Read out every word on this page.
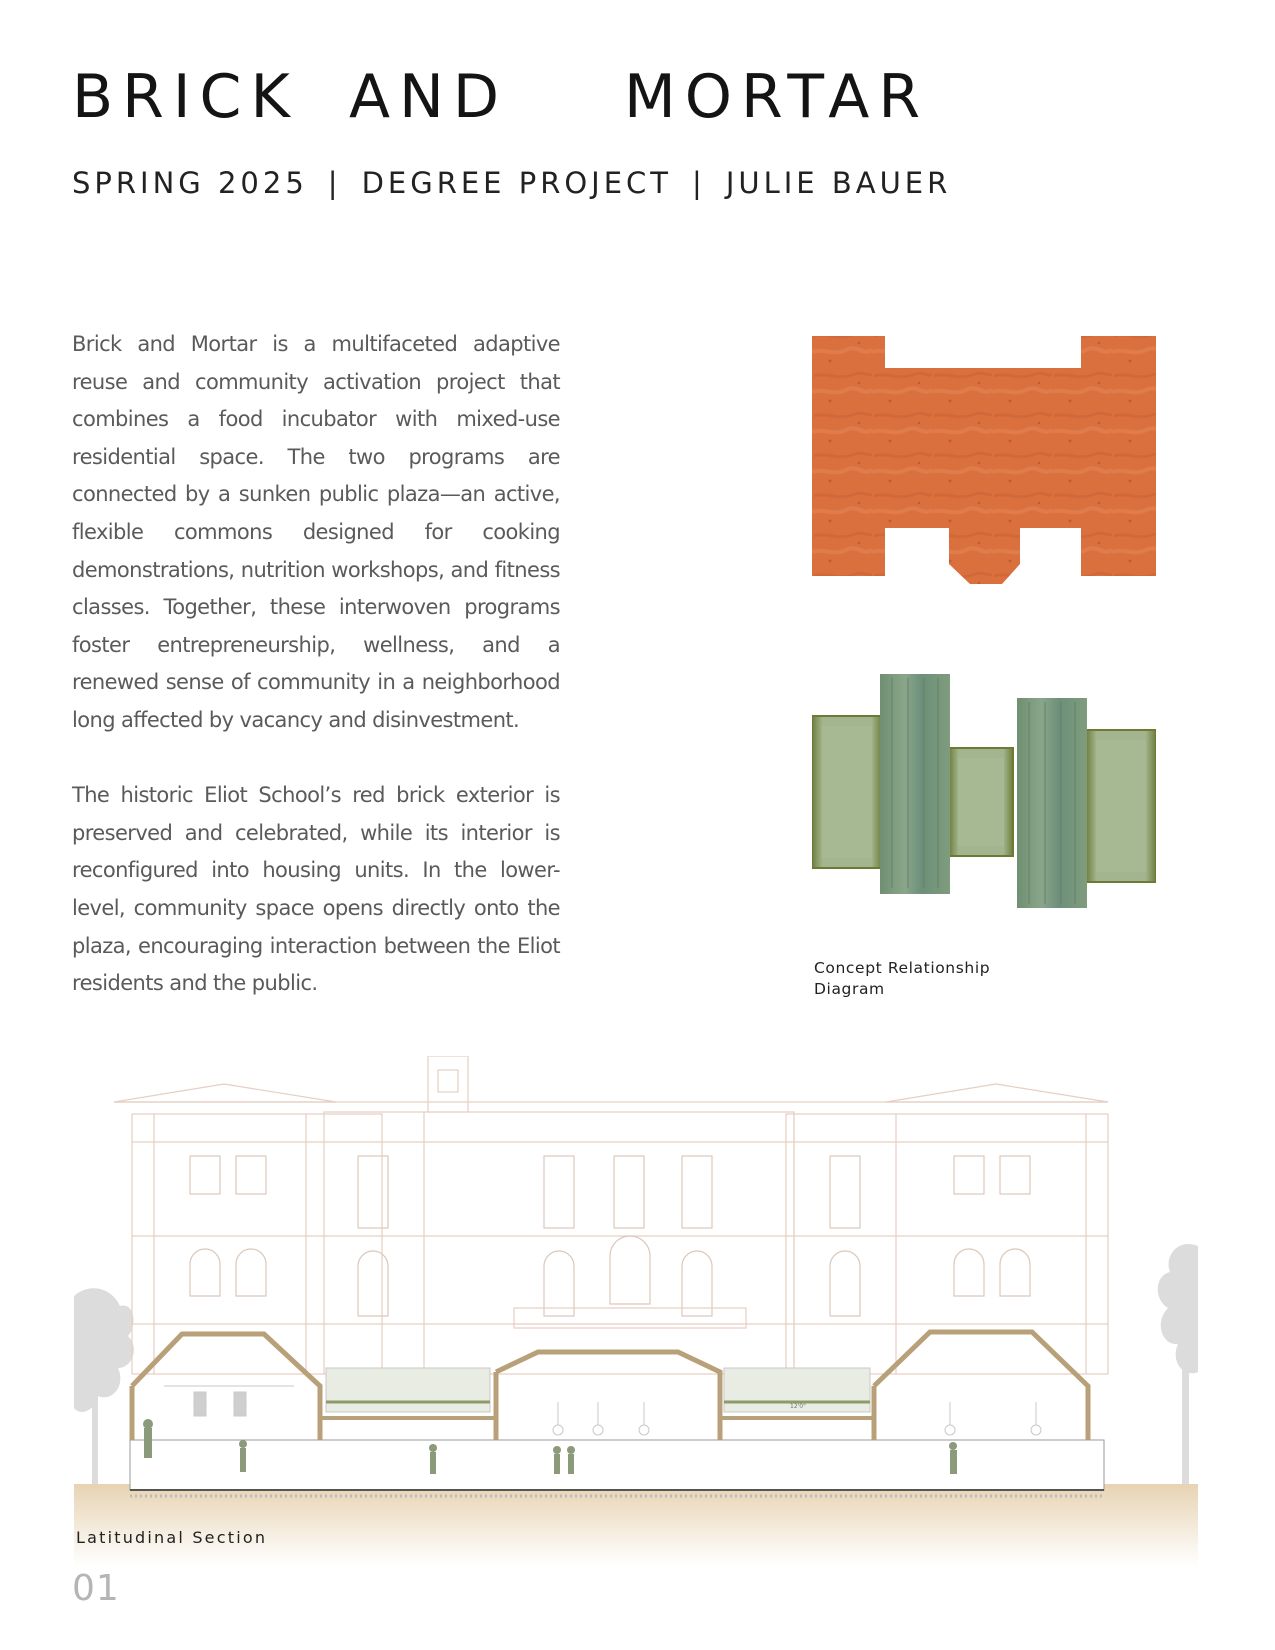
BRICK AND MORTAR
SPRING 2025 | DEGREE PROJECT | JULIE BAUER

Brick and Mortar is a multifaceted adaptive reuse and community activation project that combines a food incubator with mixed-use residential space. The two programs are connected by a sunken public plaza—an active, flexible commons designed for cooking demonstrations, nutrition workshops, and fitness classes. Together, these interwoven programs foster entrepreneurship, wellness, and a renewed sense of community in a neighborhood long affected by vacancy and disinvestment.

The historic Eliot School’s red brick exterior is preserved and celebrated, while its interior is reconfigured into housing units. In the lower-level, community space opens directly onto the plaza, encouraging interaction between the Eliot residents and the public.

Concept Relationship
Diagram
12'0"
Latitudinal Section
01
